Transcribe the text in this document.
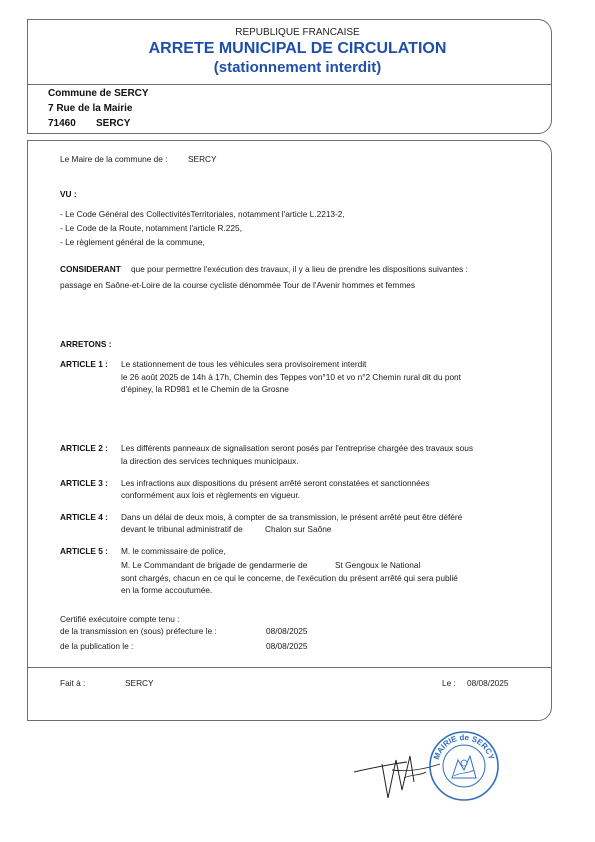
REPUBLIQUE FRANCAISE
ARRETE MUNICIPAL DE CIRCULATION
(stationnement interdit)
Commune de SERCY
7 Rue de la Mairie
71460 SERCY
Le Maire de la commune de : SERCY
VU :
- Le Code Général des CollectivitésTerritoriales, notamment l'article L.2213-2,
- Le Code de la Route, notamment l'article R.225,
- Le règlement général de la commune,
CONSIDERANT que pour permettre l'exécution des travaux, il y a lieu de prendre les dispositions suivantes :
passage en Saône-et-Loire de la course cycliste dénommée Tour de l'Avenir hommes et femmes
ARRETONS :
ARTICLE 1 : Le stationnement de tous les véhicules sera provisoirement interdit
le 26 août 2025 de 14h à 17h, Chemin des Teppes von°10 et vo n°2 Chemin rural dit du pont
d'épiney, la RD981 et le Chemin de la Grosne
ARTICLE 2 : Les différents panneaux de signalisation seront posés par l'entreprise chargée des travaux sous
la direction des services techniques municipaux.
ARTICLE 3 : Les infractions aux dispositions du présent arrêté seront constatées et sanctionnées
conformément aux lois et règlements en vigueur.
ARTICLE 4 : Dans un délai de deux mois, à compter de sa transmission, le présent arrêté peut être déféré
devant le tribunal administratif de	Chalon sur Saône
ARTICLE 5 : M. le commissaire de police,
M. Le Commandant de brigade de gendarmerie de	St Gengoux le National
sont chargés, chacun en ce qui le concerne, de l'exécution du présent arrêté qui sera publié
en la forme accoutumée.
Certifié exécutoire compte tenu :
de la transmission en (sous) préfecture le :	08/08/2025
de la publication le :	08/08/2025
Fait à :	SERCY	Le : 08/08/2025
MAIRIE de SERCY
